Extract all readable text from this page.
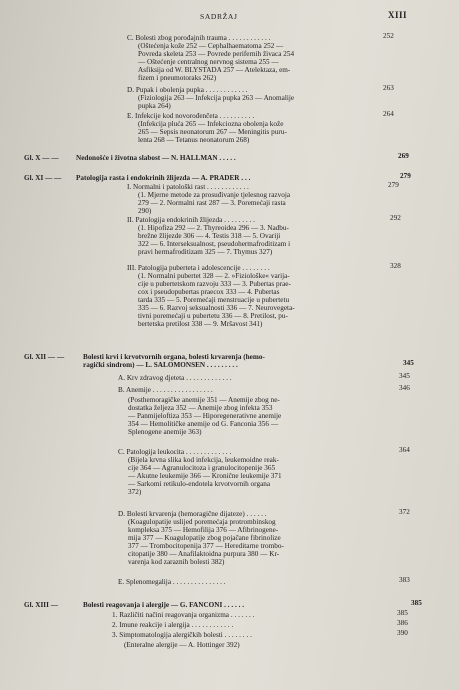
SADRŽAJ	XIII
C. Bolesti zbog porođajnih trauma . . . . . . . . . . . .	252
(Oštećenja kože 252 — Cephalhaematoma 252 —
Povreda skeleta 253 — Povrede perifernih živaca 254
— Oštećenje centralnog nervnog sistema 255 —
Asfiksija od W. BLYSTADA 257 — Atelektaza, em-
fizem i pneumotoraks 262)
D. Pupak i obolenja pupka . . . . . . . . . . . .	263
(Fiziologija 263 — Infekcija pupka 263 — Anomalije
pupka 264)
E. Infekcije kod novorođenčeta . . . . . . . . . .	264
(Infekcija pluća 265 — Infekciozna obolenja kože
265 — Sepsis neonatorum 267 — Meningitis puru-
lenta 268 — Tetanus neonatorum 268)
Gl. X — — Nedonošće i životna slabost — N. HALLMAN . . . . .	269
Gl. XI — — Patologija rasta i endokrinih žlijezda — A. PRADER . . .	279
I. Normalni i patološki rast . . . . . . . . . . . .	279
(1. Mjerne metode za prosuđivanje tjelesnog razvoja
279 — 2. Normalni rast 287 — 3. Poremećaji rasta
290)
II. Patologija endokrinih žlijezda . . . . . . . . .	292
(1. Hipofiza 292 — 2. Thyreoidea 296 — 3. Nadbu-
brežne žlijezde 306 — 4. Testis 318 — 5. Ovariji
322 — 6. Interseksualnost, pseudohermafroditizam i
pravi hermafroditizam 325 — 7. Thymus 327)
III. Patologija puberteta i adolescencije . . . . . . . .	328
(1. Normalni pubertet 328 — 2. »Fiziološke« varija-
cije u pubertetskom razvoju 333 — 3. Pubertas prae-
cox i pseudopubertas praecox 333 — 4. Pubertas
tarda 335 — 5. Poremećaji menstruacije u pubertetu
335 — 6. Razvoj seksualnosti 336 — 7. Neurovegeta-
tivni poremećaji u pubertetu 336 — 8. Pretilost, pu-
bertetska pretilost 338 — 9. Mršavost 341)
Gl. XII — —	Bolesti krvi i krvotvornih organa, bolesti krvarenja (hemo-
ragički sindrom) — L. SALOMONSEN . . . . . . . . .	345
A. Krv zdravog djeteta . . . . . . . . . . . . .	345
B. Anemije . . . . . . . . . . . . . . . . .	346
(Posthemoragičke anemije 351 — Anemije zbog ne-
dostatka željeza 352 — Anemije zbog infekta 353
— Panmijeloftiza 353 — Hiporegenerativne anemije
354 — Hemolitičke anemije od G. Fanconia 356 —
Splenogene anemije 363)
C. Patologija leukocita . . . . . . . . . . . . .	364
(Bijela krvna slika kod infekcija, leukemoidne reak-
cije 364 — Agranulocitoza i granulocitopenije 365
— Akutne leukemije 366 — Kronične leukemije 371
— Sarkomi retikulo-endotela krvotvornih organa
372)
D. Bolesti krvarenja (hemoragične dijateze) . . . . . .	372
(Koagulopatije uslijed poremećaja protrombinskog
kompleksa 375 — Hemofilija 376 — Afibrinogene-
mija 377 — Koagulopatije zbog pojačane fibrinolize
377 — Trombocitopenija 377 — Hereditarne trombo-
citopatije 380 — Anafilaktoidna purpura 380 — Kr-
varenja kod zaraznih bolesti 382)
E. Splenomegalija . . . . . . . . . . . . . . .	383
Gl. XIII —	Bolesti reagovanja i alergije — G. FANCONI . . . . . .	385
1. Različiti načini reagovanja organizma . . . . . . .	385
2. Imune reakcije i alergija . . . . . . . . . . . .	386
3. Simptomatologija alergičkih bolesti . . . . . . . .	390
(Enteralne alergije — A. Hottinger 392)
